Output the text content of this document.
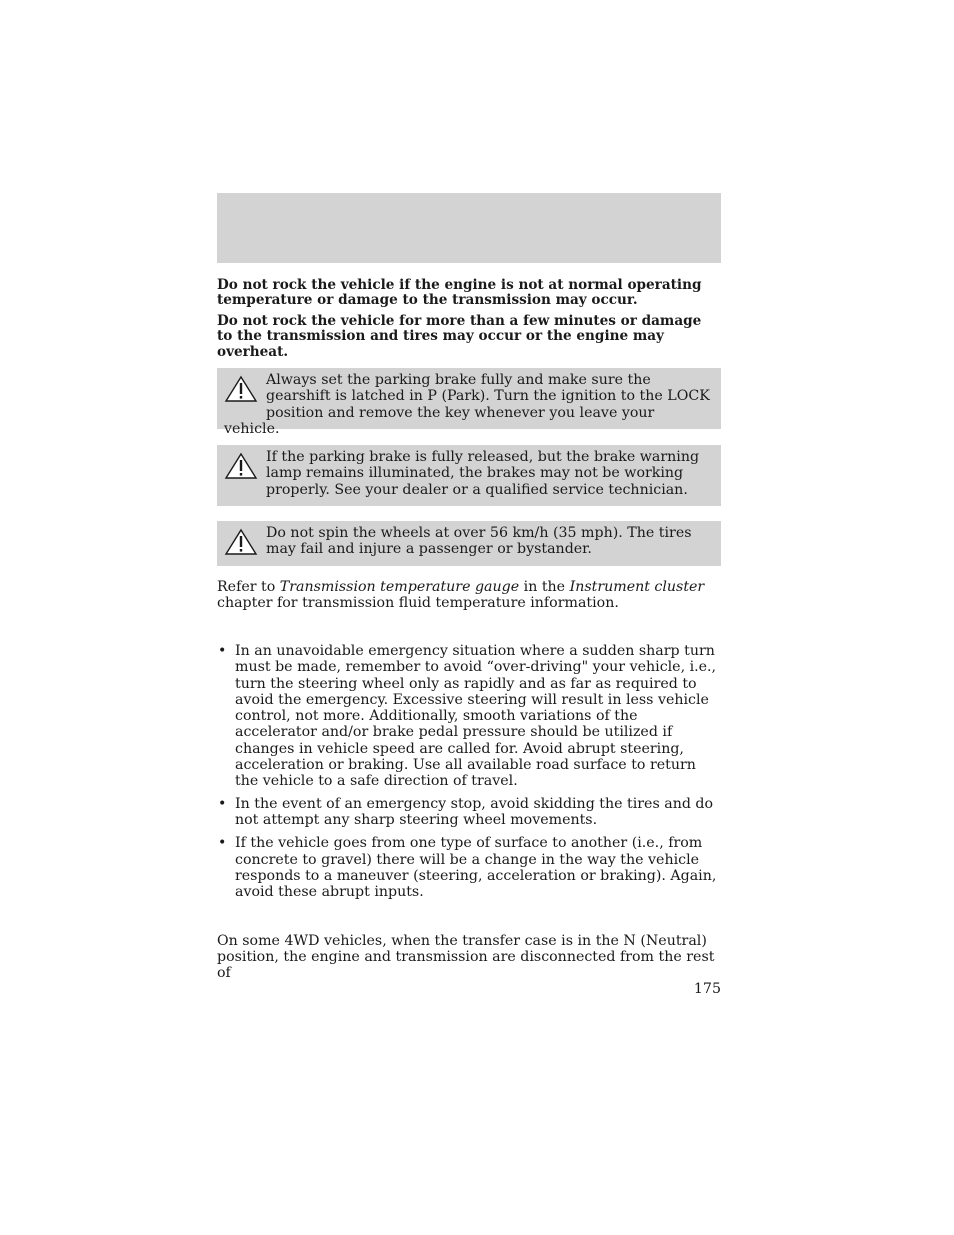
Do not rock the vehicle if the engine is not at normal operating temperature or damage to the transmission may occur.

Do not rock the vehicle for more than a few minutes or damage to the transmission and tires may occur or the engine may overheat.

Always set the parking brake fully and make sure the gearshift is latched in P (Park). Turn the ignition to the LOCK position and remove the key whenever you leave your vehicle.
If the parking brake is fully released, but the brake warning lamp remains illuminated, the brakes may not be working properly. See your dealer or a qualified service technician.
Do not spin the wheels at over 56 km/h (35 mph). The tires may fail and injure a passenger or bystander.

Refer to Transmission temperature gauge in the Instrument cluster chapter for transmission fluid temperature information.

• In an unavoidable emergency situation where a sudden sharp turn must be made, remember to avoid “over-driving" your vehicle, i.e., turn the steering wheel only as rapidly and as far as required to avoid the emergency. Excessive steering will result in less vehicle control, not more. Additionally, smooth variations of the accelerator and/or brake pedal pressure should be utilized if changes in vehicle speed are called for. Avoid abrupt steering, acceleration or braking. Use all available road surface to return the vehicle to a safe direction of travel.
• In the event of an emergency stop, avoid skidding the tires and do not attempt any sharp steering wheel movements.
• If the vehicle goes from one type of surface to another (i.e., from concrete to gravel) there will be a change in the way the vehicle responds to a maneuver (steering, acceleration or braking). Again, avoid these abrupt inputs.

On some 4WD vehicles, when the transfer case is in the N (Neutral) position, the engine and transmission are disconnected from the rest of

175
